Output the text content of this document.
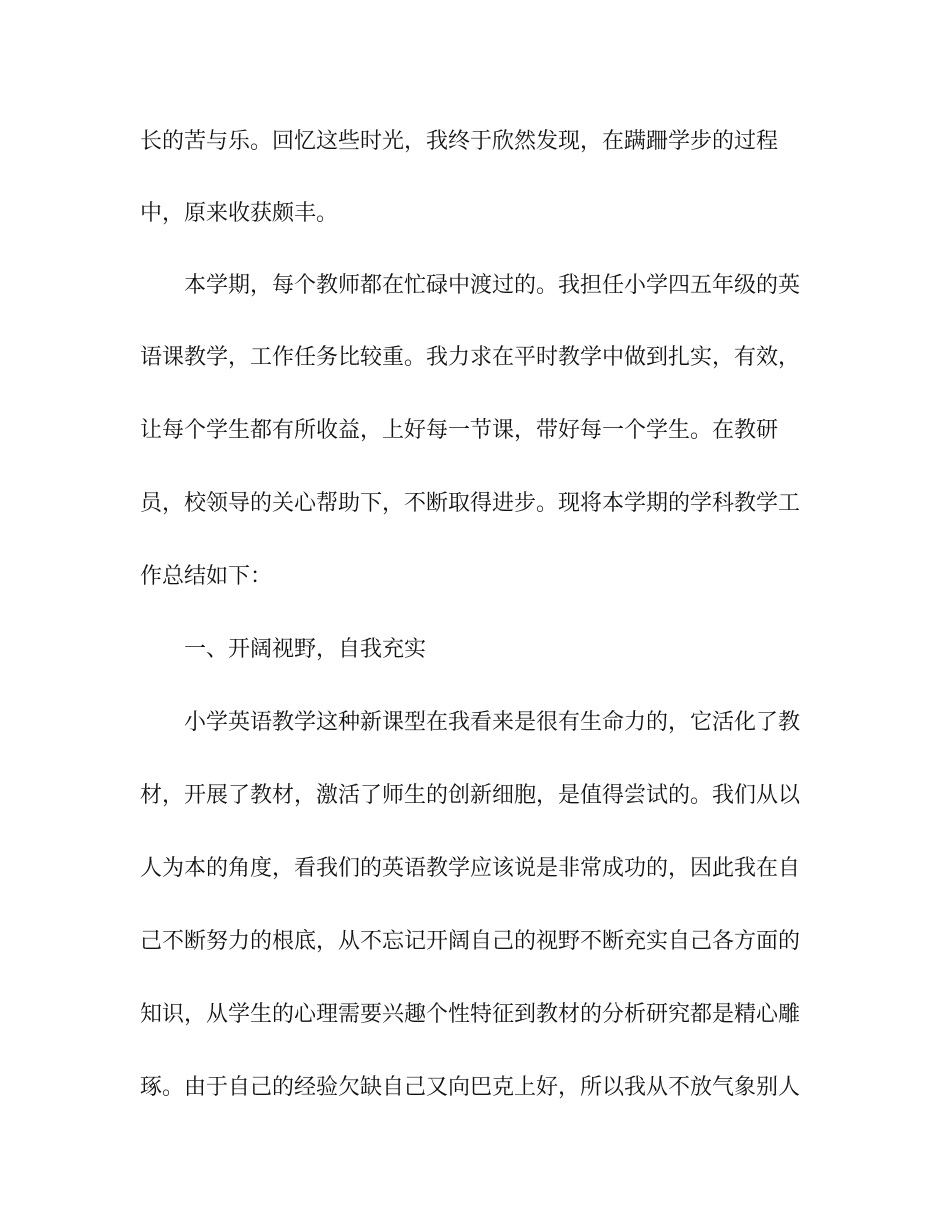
长的苦与乐。回忆这些时光，我终于欣然发现，在蹒跚学步的过程
中，原来收获颇丰。
本学期，每个教师都在忙碌中渡过的。我担任小学四五年级的英
语课教学，工作任务比较重。我力求在平时教学中做到扎实，有效，
让每个学生都有所收益，上好每一节课，带好每一个学生。在教研
员，校领导的关心帮助下，不断取得进步。现将本学期的学科教学工
作总结如下：
一、开阔视野，自我充实
小学英语教学这种新课型在我看来是很有生命力的，它活化了教
材，开展了教材，激活了师生的创新细胞，是值得尝试的。我们从以
人为本的角度，看我们的英语教学应该说是非常成功的，因此我在自
己不断努力的根底，从不忘记开阔自己的视野不断充实自己各方面的
知识，从学生的心理需要兴趣个性特征到教材的分析研究都是精心雕
琢。由于自己的经验欠缺自己又向巴克上好，所以我从不放气象别人
